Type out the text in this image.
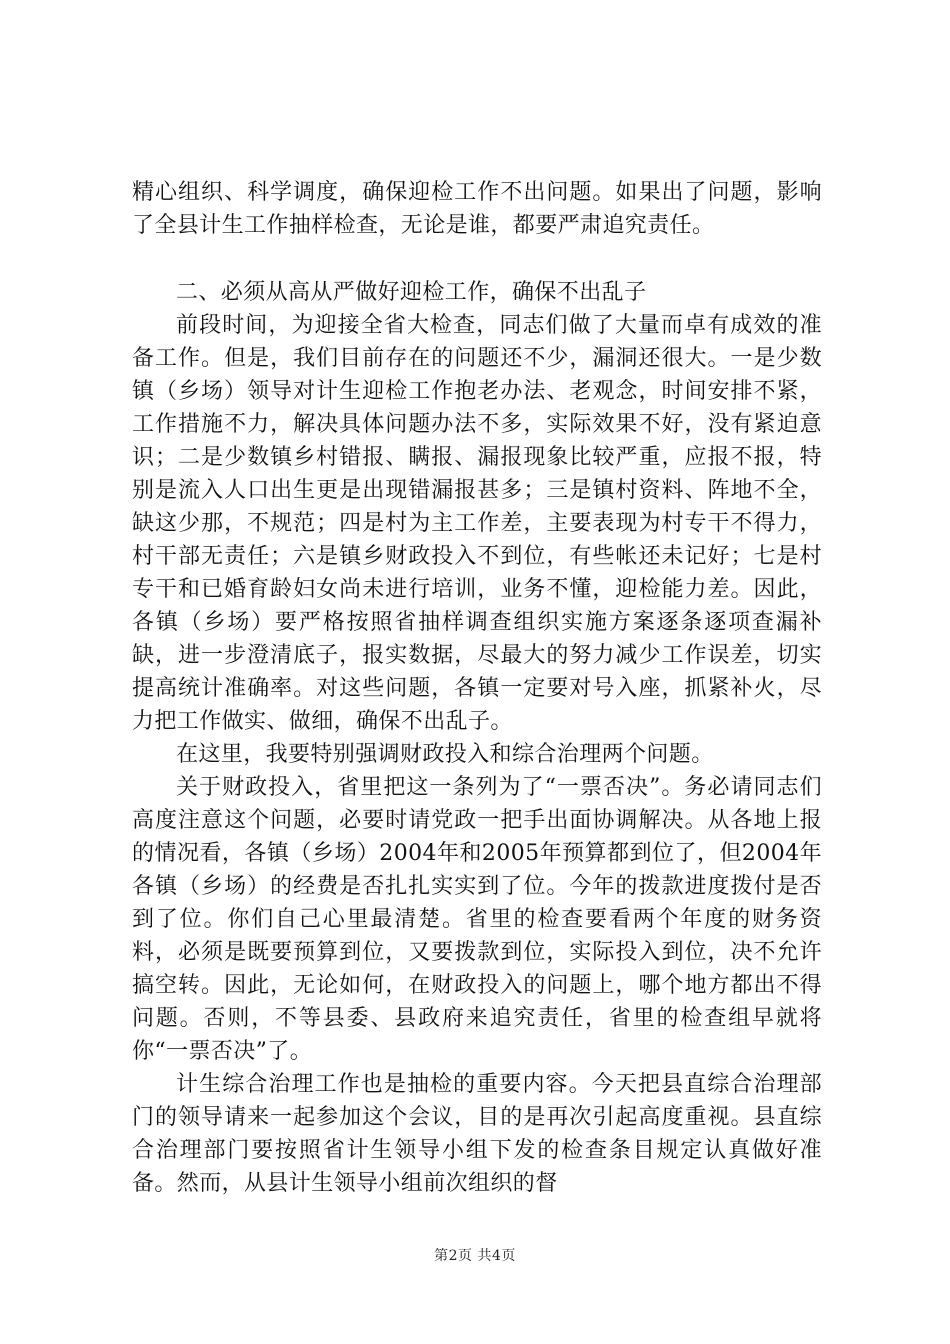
精心组织、科学调度，确保迎检工作不出问题。如果出了问题，影响了全县计生工作抽样检查，无论是谁，都要严肃追究责任。

二、必须从高从严做好迎检工作，确保不出乱子

前段时间，为迎接全省大检查，同志们做了大量而卓有成效的准备工作。但是，我们目前存在的问题还不少，漏洞还很大。一是少数镇（乡场）领导对计生迎检工作抱老办法、老观念，时间安排不紧，工作措施不力，解决具体问题办法不多，实际效果不好，没有紧迫意识；二是少数镇乡村错报、瞒报、漏报现象比较严重，应报不报，特别是流入人口出生更是出现错漏报甚多；三是镇村资料、阵地不全，缺这少那，不规范；四是村为主工作差，主要表现为村专干不得力，村干部无责任；六是镇乡财政投入不到位，有些帐还未记好；七是村专干和已婚育龄妇女尚未进行培训，业务不懂，迎检能力差。因此，各镇（乡场）要严格按照省抽样调查组织实施方案逐条逐项查漏补缺，进一步澄清底子，报实数据，尽最大的努力减少工作误差，切实提高统计准确率。对这些问题，各镇一定要对号入座，抓紧补火，尽力把工作做实、做细，确保不出乱子。

在这里，我要特别强调财政投入和综合治理两个问题。

关于财政投入，省里把这一条列为了“一票否决”。务必请同志们高度注意这个问题，必要时请党政一把手出面协调解决。从各地上报的情况看，各镇（乡场）2004年和2005年预算都到位了，但2004年各镇（乡场）的经费是否扎扎实实到了位。今年的拨款进度拨付是否到了位。你们自己心里最清楚。省里的检查要看两个年度的财务资料，必须是既要预算到位，又要拨款到位，实际投入到位，决不允许搞空转。因此，无论如何，在财政投入的问题上，哪个地方都出不得问题。否则，不等县委、县政府来追究责任，省里的检查组早就将你“一票否决”了。

计生综合治理工作也是抽检的重要内容。今天把县直综合治理部门的领导请来一起参加这个会议，目的是再次引起高度重视。县直综合治理部门要按照省计生领导小组下发的检查条目规定认真做好准备。然而，从县计生领导小组前次组织的督

第2页 共4页
